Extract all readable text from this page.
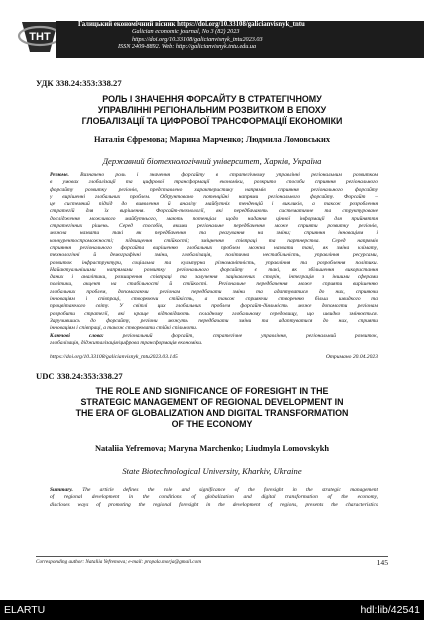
ТНТ
Галицький економічний вісник https://doi.org/10.33108/galicianvisnyk_tntu
Galician economic journal, No 3 (82) 2023
https://doi.org/10.33108/galicianvisnyk_tntu2023.03
ISSN 2409-8892. Web: http://galicianvisnyk.tntu.edu.ua
УДК 338.24:353:338.27
РОЛЬ І ЗНАЧЕННЯ ФОРСАЙТУ В СТРАТЕГІЧНОМУ
УПРАВЛІННІ РЕГІОНАЛЬНИМ РОЗВИТКОМ В ЕПОХУ
ГЛОБАЛІЗАЦІЇ ТА ЦИФРОВОЇ ТРАНСФОРМАЦІЇ ЕКОНОМІКИ
Наталія Єфремова; Марина Марченко; Людмила Ломовських
Державний біотехнологічний університет, Харків, Україна
Резюме. Визначено роль і значення форсайту в стратегічному управлінні регіональним розвитком
в умовах глобалізації та цифрової трансформації економіки, розкрито способи сприяння регіонального
форсайту розвитку регіонів, представлено характеристику напрямів сприяння регіонального форсайту
у вирішенні глобальних проблем. Обґрунтовано потенційні напрями регіонального форсайту. Форсайт –
це системний підхід до виявлення й аналізу майбутніх тенденцій і викликів, а також розроблення
стратегій для їх вирішення. Форсайт-технології, які передбачають систематичне та структуроване
дослідження можливого майбутнього, мають потенціал щодо надання цінної інформації для прийняття
стратегічних рішень. Серед способів, якими регіональне передбачення може сприяти розвитку регіонів,
можна назвати такі як передбачення та реагування на зміни; сприяння інноваціям і
конкурентоспроможності; підвищення стійкості; зміцнення співпраці та партнерства. Серед напрямів
сприяння регіонального форсайта вирішенню глобальних проблем можна назвати такі, як зміна клімату,
технологічні й демографічні зміни, глобалізація, політична нестабільність, управління ресурсами,
розвиток інфраструктури, соціальна та культурна різноманітність, управління та розроблення політики.
Найактуальнішими напрямами розвитку регіонального форсайту є такі, як збільшення використання
даних і аналітики, розширення співпраці та залучення зацікавлених сторін, інтеграція з іншими сферами
політики, акцент на стабільності й стійкості. Регіональне передбачення може сприяти вирішенню
глобальних проблем, допомагаючи регіонам передбачати зміни та адаптуватися до них, сприяючи
інноваціям і співпраці, створюючи стійкість, а також сприяючи створенню більш швидкого та
процвітаючого світу. У світлі цих глобальних проблем форсайт-діяльність може допомогти регіонам
розробити стратегії, які краще відповідають складному глобальному середовищу, що швидко змінюється.
Заручившись до форсайту, регіони можуть передбачати зміни та адаптуватися до них, сприяти
інноваціям і співпраці, а також створювати стійкі спільноти.
Ключові слова: регіональний форсайт, стратегічне управління, регіональний розвиток,
глобалізація, діджиталізація/цифрова трансформація економіки.
https://doi.org/10.33108/galicianvisnyk_tntu2023.03.145	Отримано 20.04.2023
UDC 338.24:353:338.27
THE ROLE AND SIGNIFICANCE OF FORESIGHT IN THE
STRATEGIC MANAGEMENT OF REGIONAL DEVELOPMENT IN
THE ERA OF GLOBALIZATION AND DIGITAL TRANSFORMATION
OF THE ECONOMY
Nataliia Yefremova; Maryna Marchenko; Liudmyla Lomovskykh
State Biotechnological University, Kharkiv, Ukraine
Summary. The article defines the role and significance of the foresight in the strategic management
of regional development in the conditions of globalization and digital transformation of the economy,
discloses ways of promoting the regional foresight in the development of regions, presents the characteristics
Corresponding author: Nataliia Yefremova; e-mail: propala.morja@gmail.com	145
ELARTU	hdl:lib/42541
